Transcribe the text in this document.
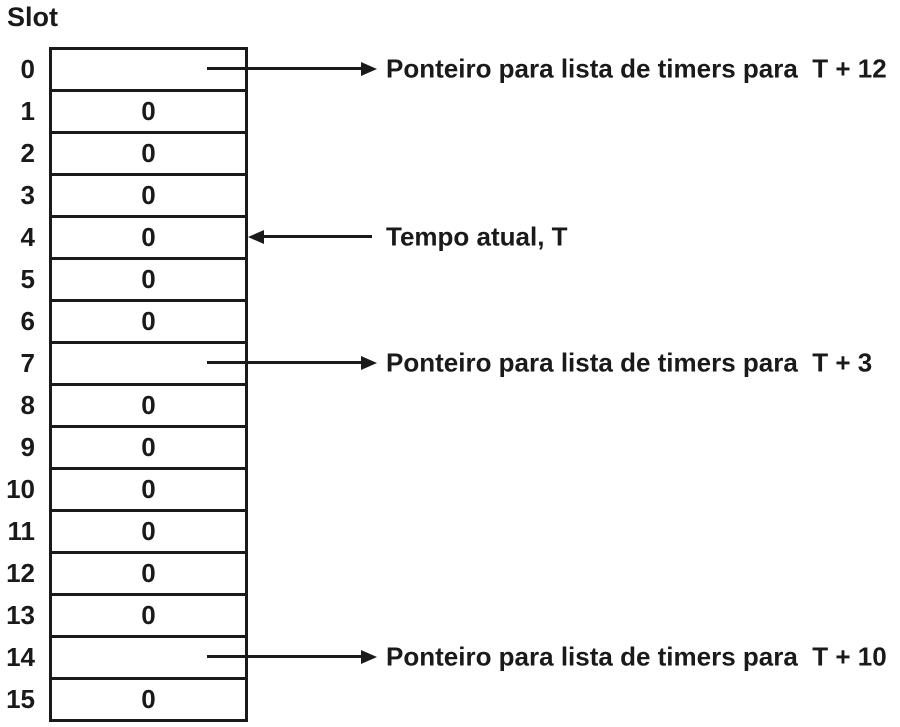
Slot
0
1
2
3
4
5
6
7
8
9
10
11
12
13
14
15
0
0
0
0
0
0
0
0
0
0
0
0
0
Ponteiro para lista de timers para  T + 12
Tempo atual, T
Ponteiro para lista de timers para  T + 3
Ponteiro para lista de timers para  T + 10
